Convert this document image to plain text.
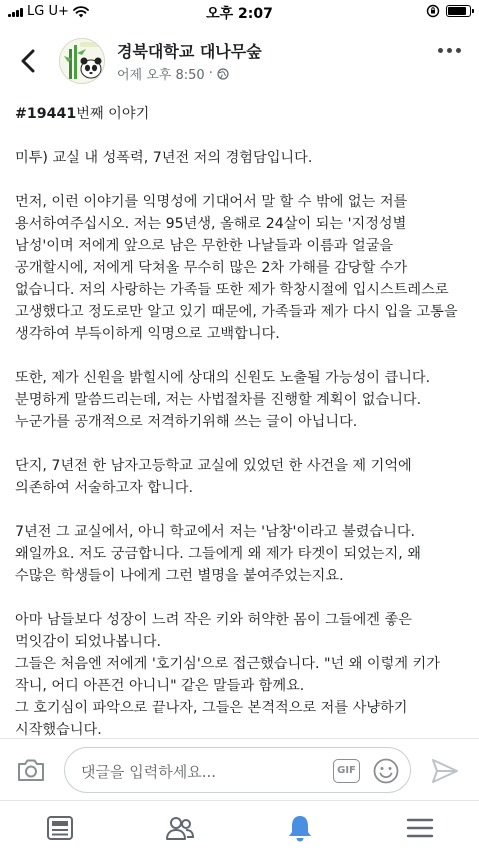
LG U+	오후 2:07
경북대학교 대나무숲
어제 오후 8:50 ·

#19441번째 이야기

미투) 교실 내 성폭력, 7년전 저의 경험담입니다.

먼저, 이런 이야기를 익명성에 기대어서 말 할 수 밖에 없는 저를
용서하여주십시오. 저는 95년생, 올해로 24살이 되는 '지정성별
남성'이며 저에게 앞으로 남은 무한한 나날들과 이름과 얼굴을
공개할시에, 저에게 닥쳐올 무수히 많은 2차 가해를 감당할 수가
없습니다. 저의 사랑하는 가족들 또한 제가 학창시절에 입시스트레스로
고생했다고 정도로만 알고 있기 때문에, 가족들과 제가 다시 입을 고통을
생각하여 부득이하게 익명으로 고백합니다.

또한, 제가 신원을 밝힐시에 상대의 신원도 노출될 가능성이 큽니다.
분명하게 말씀드리는데, 저는 사법절차를 진행할 계획이 없습니다.
누군가를 공개적으로 저격하기위해 쓰는 글이 아닙니다.

단지, 7년전 한 남자고등학교 교실에 있었던 한 사건을 제 기억에
의존하여 서술하고자 합니다.

7년전 그 교실에서, 아니 학교에서 저는 '남창'이라고 불렸습니다.
왜일까요. 저도 궁금합니다. 그들에게 왜 제가 타겟이 되었는지, 왜
수많은 학생들이 나에게 그런 별명을 붙여주었는지요.

아마 남들보다 성장이 느려 작은 키와 허약한 몸이 그들에겐 좋은
먹잇감이 되었나봅니다.
그들은 처음엔 저에게 '호기심'으로 접근했습니다. "넌 왜 이렇게 키가
작니, 어디 아픈건 아니니" 같은 말들과 함께요.
그 호기심이 파악으로 끝나자, 그들은 본격적으로 저를 사냥하기
시작했습니다.

댓글을 입력하세요...	GIF
